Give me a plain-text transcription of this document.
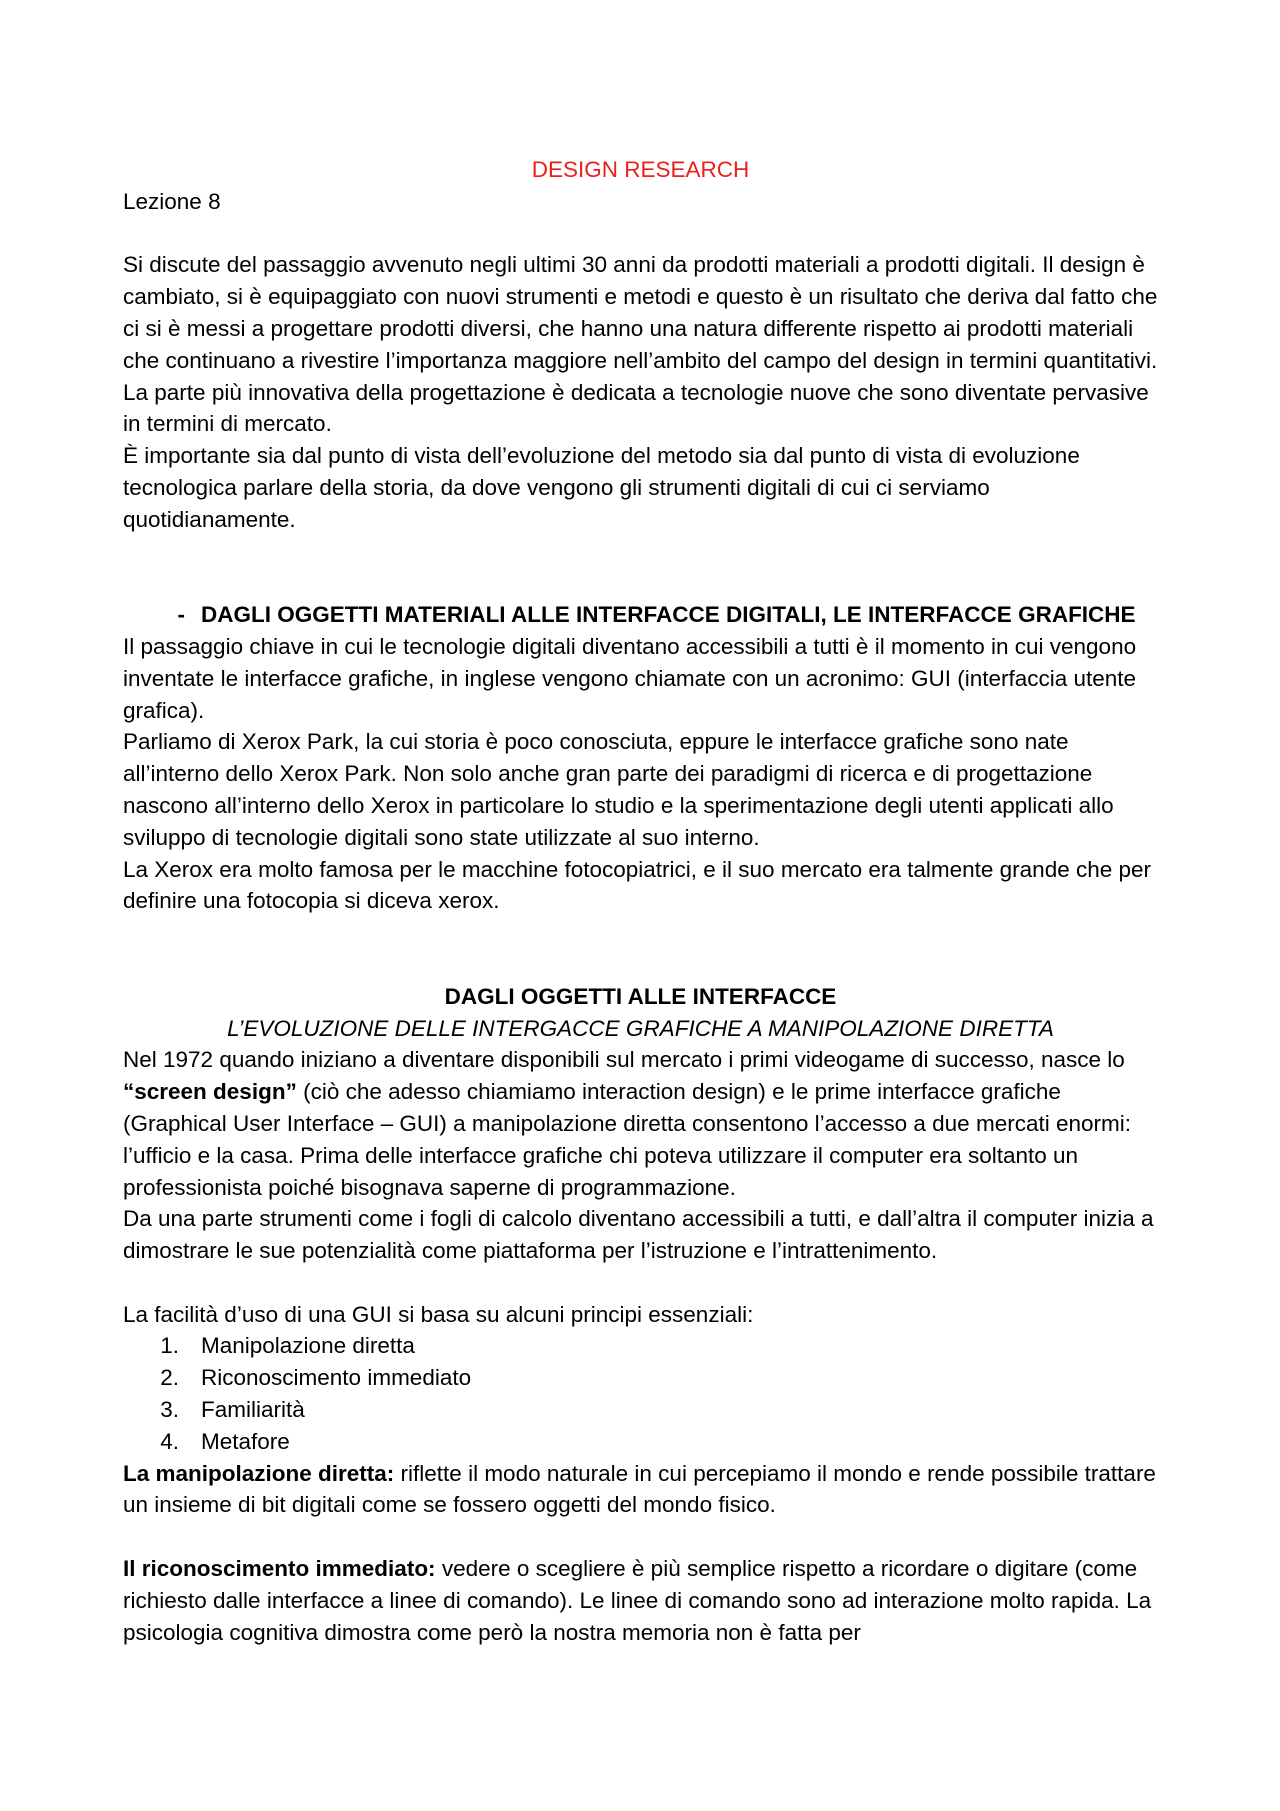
DESIGN RESEARCH

Lezione 8

Si discute del passaggio avvenuto negli ultimi 30 anni da prodotti materiali a prodotti digitali. Il design è cambiato, si è equipaggiato con nuovi strumenti e metodi e questo è un risultato che deriva dal fatto che ci si è messi a progettare prodotti diversi, che hanno una natura differente rispetto ai prodotti materiali che continuano a rivestire l’importanza maggiore nell’ambito del campo del design in termini quantitativi. La parte più innovativa della progettazione è dedicata a tecnologie nuove che sono diventate pervasive in termini di mercato.

È importante sia dal punto di vista dell’evoluzione del metodo sia dal punto di vista di evoluzione tecnologica parlare della storia, da dove vengono gli strumenti digitali di cui ci serviamo quotidianamente.

- DAGLI OGGETTI MATERIALI ALLE INTERFACCE DIGITALI, LE INTERFACCE GRAFICHE

Il passaggio chiave in cui le tecnologie digitali diventano accessibili a tutti è il momento in cui vengono inventate le interfacce grafiche, in inglese vengono chiamate con un acronimo: GUI (interfaccia utente grafica).

Parliamo di Xerox Park, la cui storia è poco conosciuta, eppure le interfacce grafiche sono nate all’interno dello Xerox Park. Non solo anche gran parte dei paradigmi di ricerca e di progettazione nascono all’interno dello Xerox in particolare lo studio e la sperimentazione degli utenti applicati allo sviluppo di tecnologie digitali sono state utilizzate al suo interno.

La Xerox era molto famosa per le macchine fotocopiatrici, e il suo mercato era talmente grande che per definire una fotocopia si diceva xerox.

DAGLI OGGETTI ALLE INTERFACCE

L’EVOLUZIONE DELLE INTERGACCE GRAFICHE A MANIPOLAZIONE DIRETTA

Nel 1972 quando iniziano a diventare disponibili sul mercato i primi videogame di successo, nasce lo “screen design” (ciò che adesso chiamiamo interaction design) e le prime interfacce grafiche (Graphical User Interface – GUI) a manipolazione diretta consentono l’accesso a due mercati enormi: l’ufficio e la casa. Prima delle interfacce grafiche chi poteva utilizzare il computer era soltanto un professionista poiché bisognava saperne di programmazione.

Da una parte strumenti come i fogli di calcolo diventano accessibili a tutti, e dall’altra il computer inizia a dimostrare le sue potenzialità come piattaforma per l’istruzione e l’intrattenimento.

La facilità d’uso di una GUI si basa su alcuni principi essenziali:

1. Manipolazione diretta
2. Riconoscimento immediato
3. Familiarità
4. Metafore

La manipolazione diretta: riflette il modo naturale in cui percepiamo il mondo e rende possibile trattare un insieme di bit digitali come se fossero oggetti del mondo fisico.

Il riconoscimento immediato: vedere o scegliere è più semplice rispetto a ricordare o digitare (come richiesto dalle interfacce a linee di comando). Le linee di comando sono ad interazione molto rapida. La psicologia cognitiva dimostra come però la nostra memoria non è fatta per
